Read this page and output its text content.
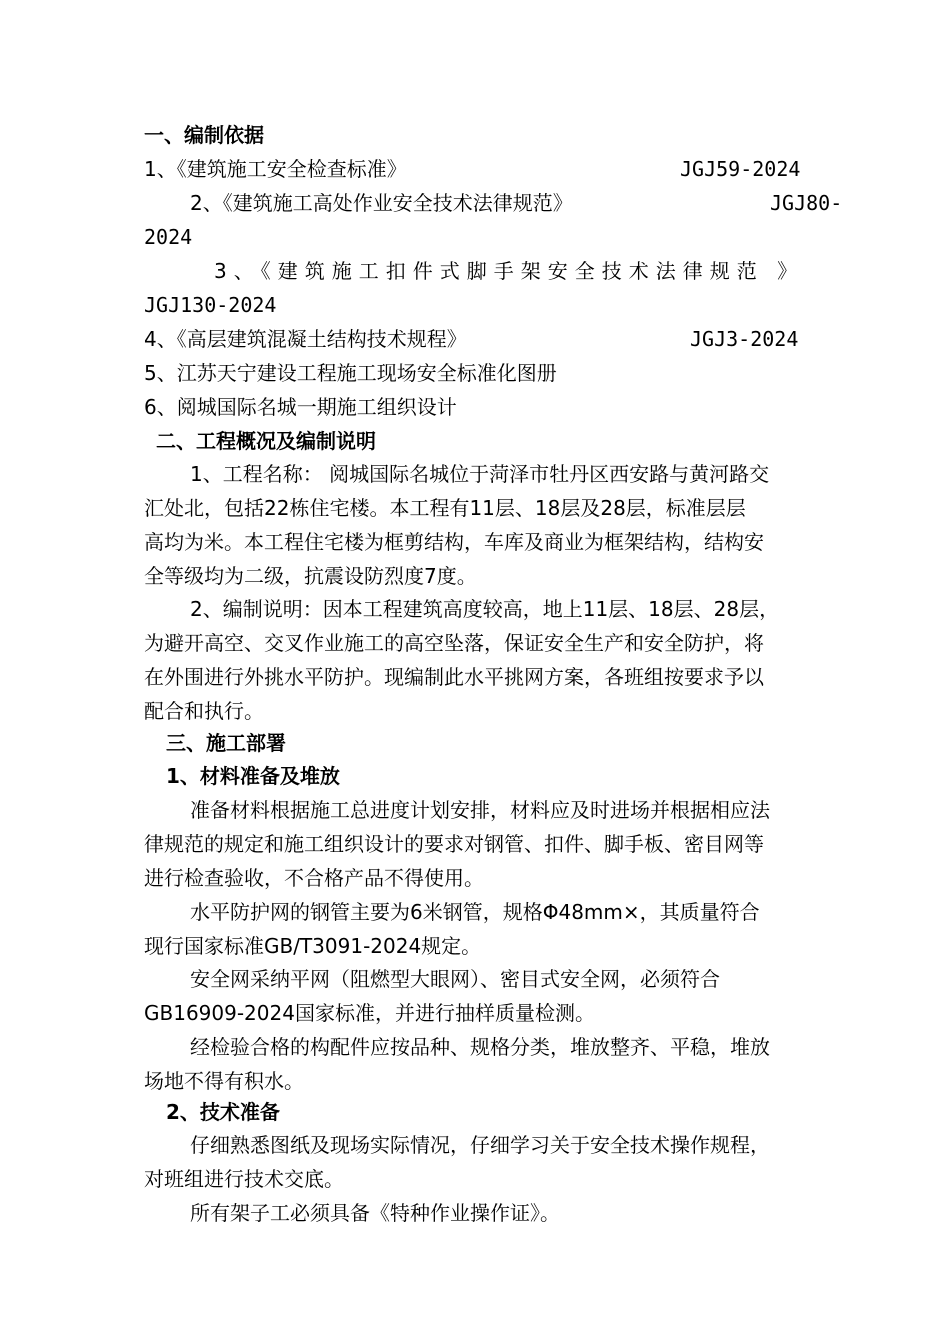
一、编制依据

1、《建筑施工安全检查标准》	JGJ59-2024

2、《建筑施工高处作业安全技术法律规范》	JGJ80-

2024

3、《建筑施工扣件式脚手架安全技术法律规范 》

JGJ130-2024

4、《高层建筑混凝土结构技术规程》	JGJ3-2024

5、江苏天宁建设工程施工现场安全标准化图册

6、阅城国际名城一期施工组织设计

二、工程概况及编制说明

1、工程名称： 阅城国际名城位于菏泽市牡丹区西安路与黄河路交

汇处北，包括22栋住宅楼。本工程有11层、18层及28层，标准层层

高均为米。本工程住宅楼为框剪结构，车库及商业为框架结构，结构安

全等级均为二级，抗震设防烈度7度。

2、编制说明：因本工程建筑高度较高，地上11层、18层、28层，

为避开高空、交叉作业施工的高空坠落，保证安全生产和安全防护，将

在外围进行外挑水平防护。现编制此水平挑网方案，各班组按要求予以

配合和执行。

三、施工部署

1、材料准备及堆放

准备材料根据施工总进度计划安排，材料应及时进场并根据相应法

律规范的规定和施工组织设计的要求对钢管、扣件、脚手板、密目网等

进行检查验收，不合格产品不得使用。

水平防护网的钢管主要为6米钢管，规格Φ48mm×，其质量符合

现行国家标准GB/T3091-2024规定。

安全网采纳平网（阻燃型大眼网）、密目式安全网，必须符合

GB16909-2024国家标准，并进行抽样质量检测。

经检验合格的构配件应按品种、规格分类，堆放整齐、平稳，堆放

场地不得有积水。

2、技术准备

仔细熟悉图纸及现场实际情况，仔细学习关于安全技术操作规程，

对班组进行技术交底。

所有架子工必须具备《特种作业操作证》。
